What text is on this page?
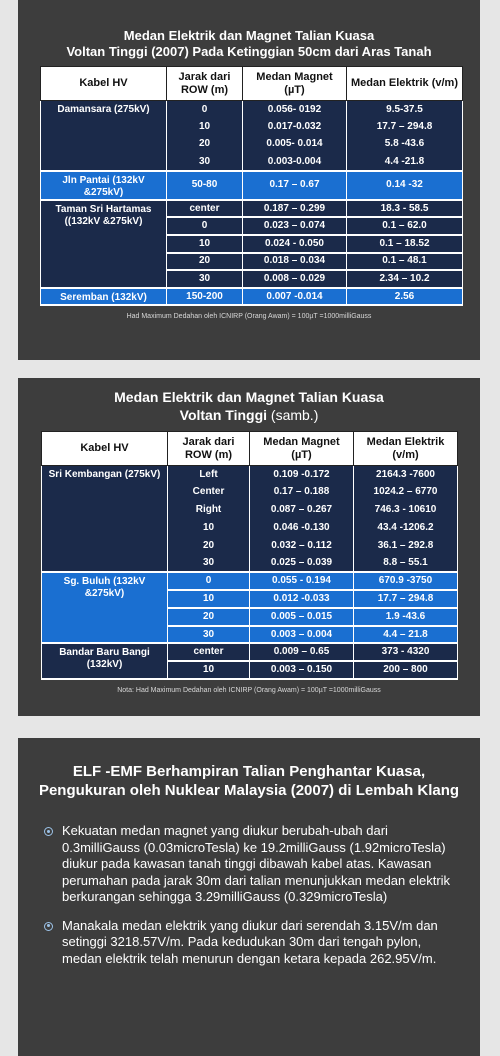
Medan Elektrik dan Magnet Talian Kuasa
Voltan Tinggi (2007) Pada Ketinggian 50cm dari Aras Tanah
Kabel HV	Jarak dari ROW (m)	Medan Magnet (µT)	Medan Elektrik (v/m)
Damansara (275kV)	0	0.056- 0192	9.5-37.5
	10	0.017-0.032	17.7 – 294.8
	20	0.005- 0.014	5.8 -43.6
	30	0.003-0.004	4.4 -21.8
Jln Pantai (132kV &275kV)	50-80	0.17 – 0.67	0.14 -32
Taman Sri Hartamas ((132kV &275kV)	center	0.187 – 0.299	18.3 - 58.5
	0	0.023 – 0.074	0.1 – 62.0
	10	0.024 - 0.050	0.1 – 18.52
	20	0.018 – 0.034	0.1 – 48.1
	30	0.008 – 0.029	2.34 – 10.2
Seremban (132kV)	150-200	0.007 -0.014	2.56
Had Maximum Dedahan oleh ICNIRP (Orang Awam) = 100µT =1000milliGauss
Medan Elektrik dan Magnet Talian Kuasa
Voltan Tinggi (samb.)
Kabel HV	Jarak dari ROW (m)	Medan Magnet (µT)	Medan Elektrik (v/m)
Sri Kembangan (275kV)	Left	0.109 -0.172	2164.3 -7600
	Center	0.17 – 0.188	1024.2 – 6770
	Right	0.087 – 0.267	746.3 - 10610
	10	0.046 -0.130	43.4 -1206.2
	20	0.032 – 0.112	36.1 – 292.8
	30	0.025 – 0.039	8.8 – 55.1
Sg. Buluh (132kV &275kV)	0	0.055 - 0.194	670.9 -3750
	10	0.012 -0.033	17.7 – 294.8
	20	0.005 – 0.015	1.9 -43.6
	30	0.003 – 0.004	4.4 – 21.8
Bandar Baru Bangi (132kV)	center	0.009 – 0.65	373 - 4320
	10	0.003 – 0.150	200 – 800
Nota: Had Maximum Dedahan oleh ICNIRP (Orang Awam) = 100µT =1000milliGauss
ELF -EMF Berhampiran Talian Penghantar Kuasa,
Pengukuran oleh Nuklear Malaysia (2007) di Lembah Klang
Kekuatan medan magnet yang diukur berubah-ubah dari 0.3milliGauss (0.03microTesla) ke 19.2milliGauss (1.92microTesla) diukur pada kawasan tanah tinggi dibawah kabel atas. Kawasan perumahan pada jarak 30m dari talian menunjukkan medan elektrik berkurangan sehingga 3.29milliGauss (0.329microTesla)
Manakala medan elektrik yang diukur dari serendah 3.15V/m dan setinggi 3218.57V/m. Pada kedudukan 30m dari tengah pylon, medan elektrik telah menurun dengan ketara kepada 262.95V/m.
